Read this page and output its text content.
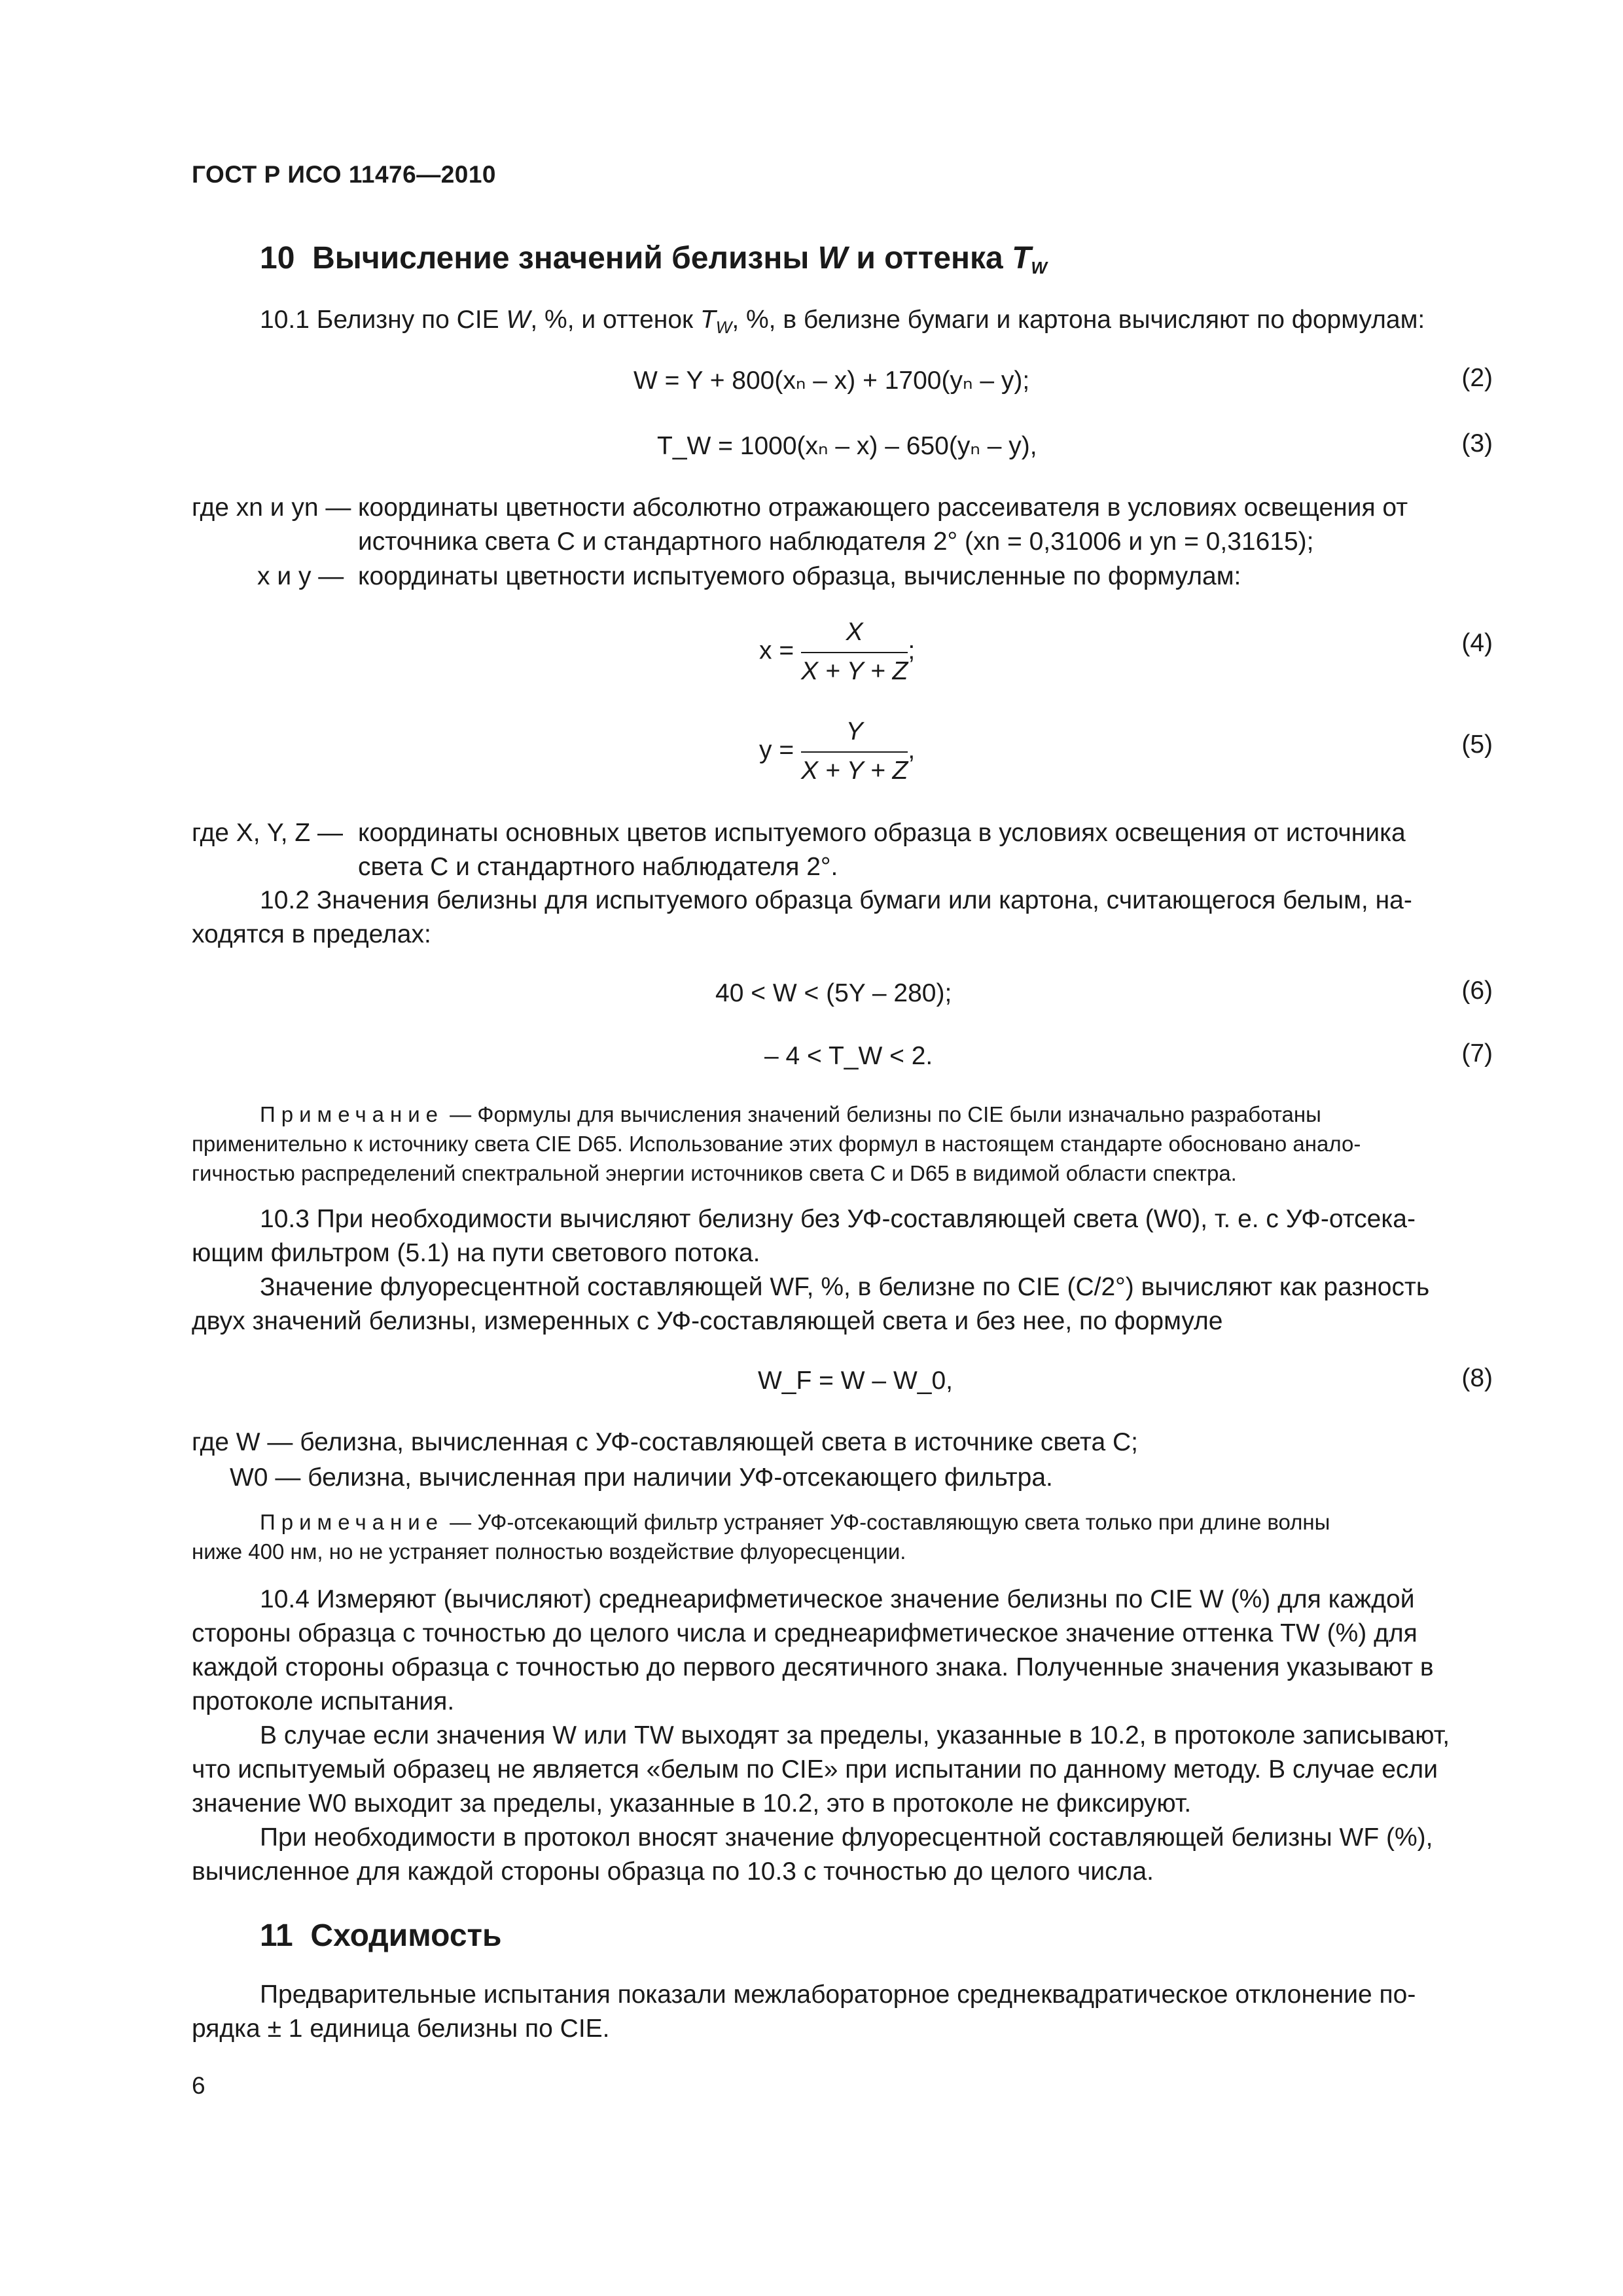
ГОСТ Р ИСО 11476—2010
10 Вычисление значений белизны W и оттенка $T_W$
10.1 Белизну по CIE W, %, и оттенок $T_W$, %, в белизне бумаги и картона вычисляют по формулам:
W = Y + 800(xₙ – x) + 1700(yₙ – y);	(2)
T_W = 1000(xₙ – x) – 650(yₙ – y),	(3)
где xn и yn — координаты цветности абсолютно отражающего рассеивателя в условиях освещения от
источника света С и стандартного наблюдателя 2° (xn = 0,31006 и yn = 0,31615);
x и y — координаты цветности испытуемого образца, вычисленные по формулам:
$x = \frac{X}{X + Y + Z}$ ;	(4)
$y = \frac{Y}{X + Y + Z}$ ,	(5)
где X, Y, Z — координаты основных цветов испытуемого образца в условиях освещения от источника
света С и стандартного наблюдателя 2°.
10.2 Значения белизны для испытуемого образца бумаги или картона, считающегося белым, на-
ходятся в пределах:
40 < W < (5Y – 280);	(6)
– 4 < T_W < 2.	(7)
Примечание — Формулы для вычисления значений белизны по CIE были изначально разработаны
применительно к источнику света CIE D65. Использование этих формул в настоящем стандарте обосновано анало-
гичностью распределений спектральной энергии источников света С и D65 в видимой области спектра.
10.3 При необходимости вычисляют белизну без УФ-составляющей света (W0), т. е. с УФ-отсека-
ющим фильтром (5.1) на пути светового потока.
Значение флуоресцентной составляющей WF, %, в белизне по CIE (С/2°) вычисляют как разность
двух значений белизны, измеренных с УФ-составляющей света и без нее, по формуле
W_F = W – W_0,	(8)
где W — белизна, вычисленная с УФ-составляющей света в источнике света С;
W0 — белизна, вычисленная при наличии УФ-отсекающего фильтра.
Примечание — УФ-отсекающий фильтр устраняет УФ-составляющую света только при длине волны
ниже 400 нм, но не устраняет полностью воздействие флуоресценции.
10.4 Измеряют (вычисляют) среднеарифметическое значение белизны по CIE W (%) для каждой
стороны образца с точностью до целого числа и среднеарифметическое значение оттенка TW (%) для
каждой стороны образца с точностью до первого десятичного знака. Полученные значения указывают в
протоколе испытания.
В случае если значения W или TW выходят за пределы, указанные в 10.2, в протоколе записывают,
что испытуемый образец не является «белым по CIE» при испытании по данному методу. В случае если
значение W0 выходит за пределы, указанные в 10.2, это в протоколе не фиксируют.
При необходимости в протокол вносят значение флуоресцентной составляющей белизны WF (%),
вычисленное для каждой стороны образца по 10.3 с точностью до целого числа.
11 Сходимость
Предварительные испытания показали межлабораторное среднеквадратическое отклонение по-
рядка ± 1 единица белизны по CIE.
6
